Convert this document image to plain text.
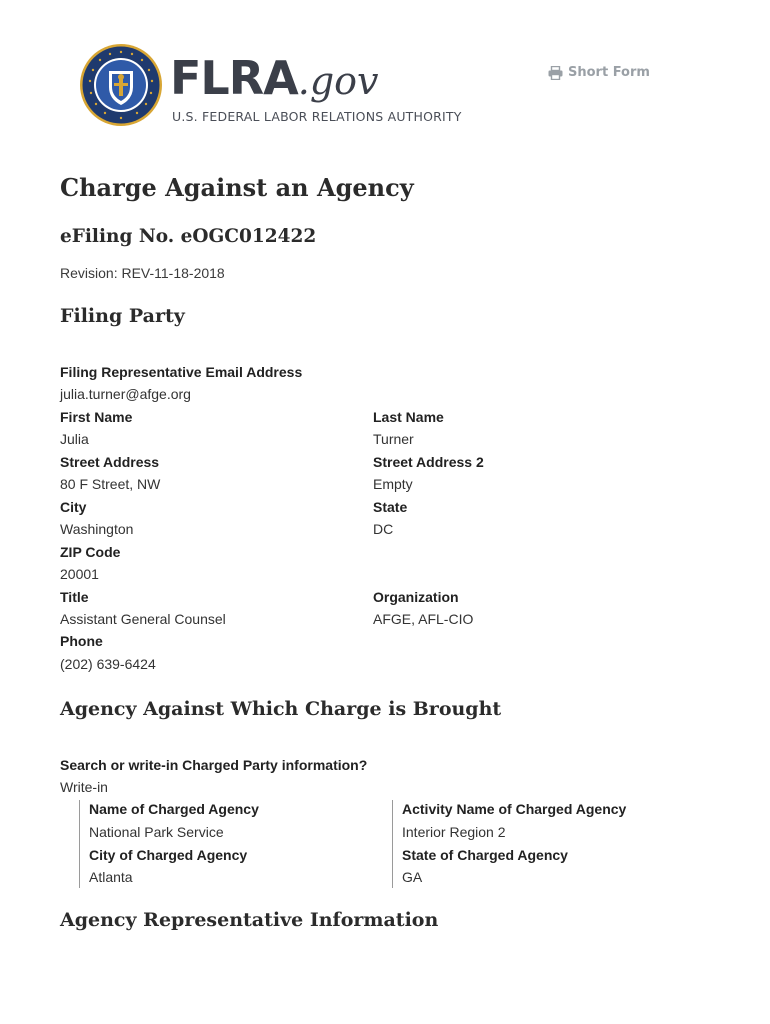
FLRA.gov
U.S. FEDERAL LABOR RELATIONS AUTHORITY
Short Form
Charge Against an Agency
eFiling No. eOGC012422
Revision: REV-11-18-2018
Filing Party
Filing Representative Email Address
julia.turner@afge.org
First Name
Julia
Last Name
Turner
Street Address
80 F Street, NW
Street Address 2
Empty
City
Washington
State
DC
ZIP Code
20001
Title
Assistant General Counsel
Organization
AFGE, AFL-CIO
Phone
(202) 639-6424
Agency Against Which Charge is Brought
Search or write-in Charged Party information?
Write-in
Name of Charged Agency
National Park Service
Activity Name of Charged Agency
Interior Region 2
City of Charged Agency
Atlanta
State of Charged Agency
GA
Agency Representative Information
